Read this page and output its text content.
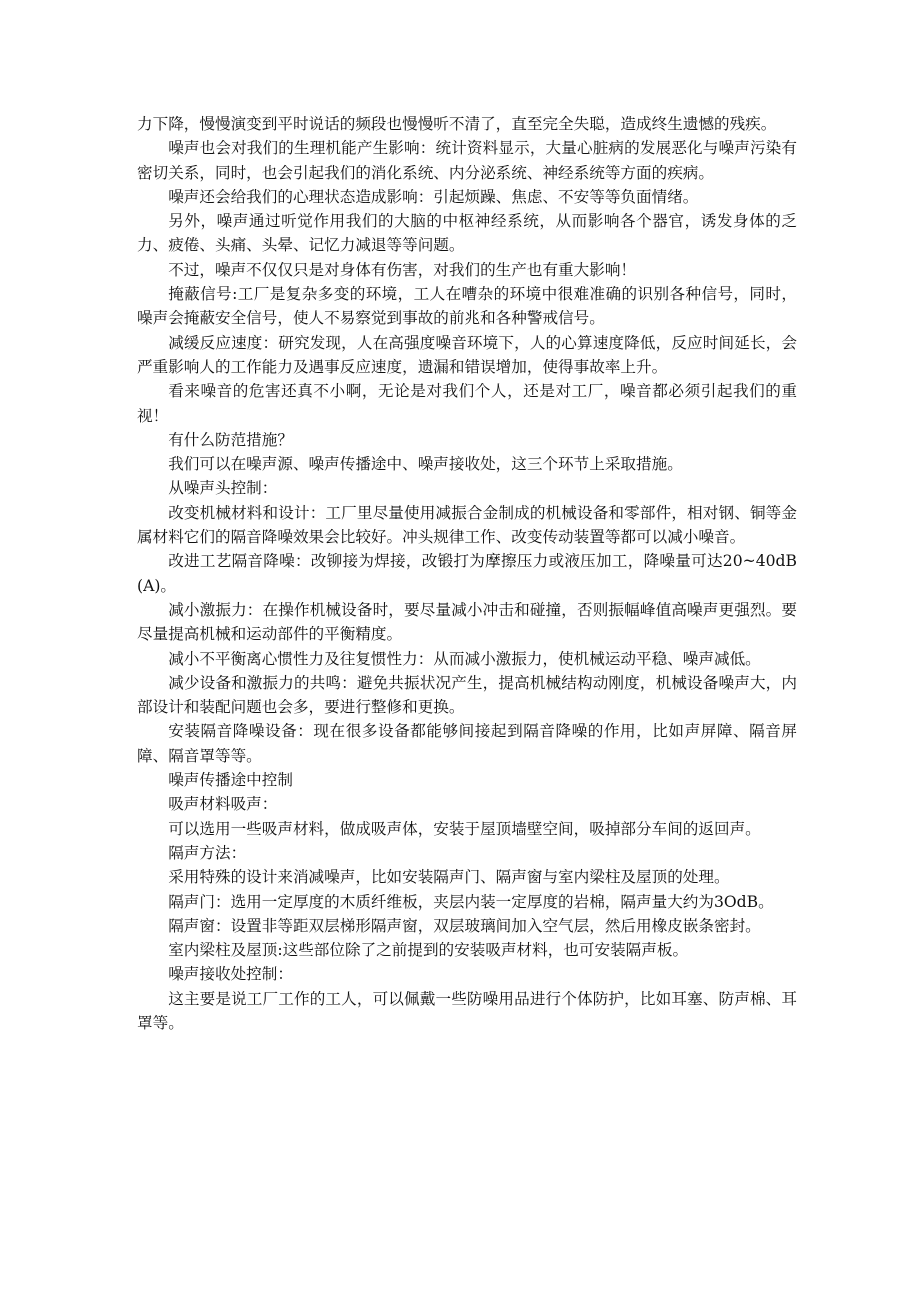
力下降，慢慢演变到平时说话的频段也慢慢听不清了，直至完全失聪，造成终生遗憾的残疾。

噪声也会对我们的生理机能产生影响：统计资料显示，大量心脏病的发展恶化与噪声污染有密切关系，同时，也会引起我们的消化系统、内分泌系统、神经系统等方面的疾病。

噪声还会给我们的心理状态造成影响：引起烦躁、焦虑、不安等等负面情绪。

另外，噪声通过听觉作用我们的大脑的中枢神经系统，从而影响各个器官，诱发身体的乏力、疲倦、头痛、头晕、记忆力减退等等问题。

不过，噪声不仅仅只是对身体有伤害，对我们的生产也有重大影响！

掩蔽信号:工厂是复杂多变的环境，工人在嘈杂的环境中很难准确的识别各种信号，同时，噪声会掩蔽安全信号，使人不易察觉到事故的前兆和各种警戒信号。

减缓反应速度：研究发现，人在高强度噪音环境下，人的心算速度降低，反应时间延长，会严重影响人的工作能力及遇事反应速度，遗漏和错误增加，使得事故率上升。

看来噪音的危害还真不小啊，无论是对我们个人，还是对工厂，噪音都必须引起我们的重视！

有什么防范措施？

我们可以在噪声源、噪声传播途中、噪声接收处，这三个环节上采取措施。

从噪声头控制：

改变机械材料和设计：工厂里尽量使用减振合金制成的机械设备和零部件，相对钢、铜等金属材料它们的隔音降噪效果会比较好。冲头规律工作、改变传动装置等都可以减小噪音。

改进工艺隔音降噪：改铆接为焊接，改锻打为摩擦压力或液压加工，降噪量可达20~40dB(A)。

减小激振力：在操作机械设备时，要尽量减小冲击和碰撞，否则振幅峰值高噪声更强烈。要尽量提高机械和运动部件的平衡精度。

减小不平衡离心惯性力及往复惯性力：从而减小激振力，使机械运动平稳、噪声减低。

减少设备和激振力的共鸣：避免共振状况产生，提高机械结构动刚度，机械设备噪声大，内部设计和装配问题也会多，要进行整修和更换。

安装隔音降噪设备：现在很多设备都能够间接起到隔音降噪的作用，比如声屏障、隔音屏障、隔音罩等等。

噪声传播途中控制

吸声材料吸声：

可以选用一些吸声材料，做成吸声体，安装于屋顶墙壁空间，吸掉部分车间的返回声。

隔声方法：

采用特殊的设计来消减噪声，比如安装隔声门、隔声窗与室内梁柱及屋顶的处理。

隔声门：选用一定厚度的木质纤维板，夹层内装一定厚度的岩棉，隔声量大约为3OdB。

隔声窗：设置非等距双层梯形隔声窗，双层玻璃间加入空气层，然后用橡皮嵌条密封。

室内梁柱及屋顶:这些部位除了之前提到的安装吸声材料，也可安装隔声板。

噪声接收处控制：

这主要是说工厂工作的工人，可以佩戴一些防噪用品进行个体防护，比如耳塞、防声棉、耳罩等。
